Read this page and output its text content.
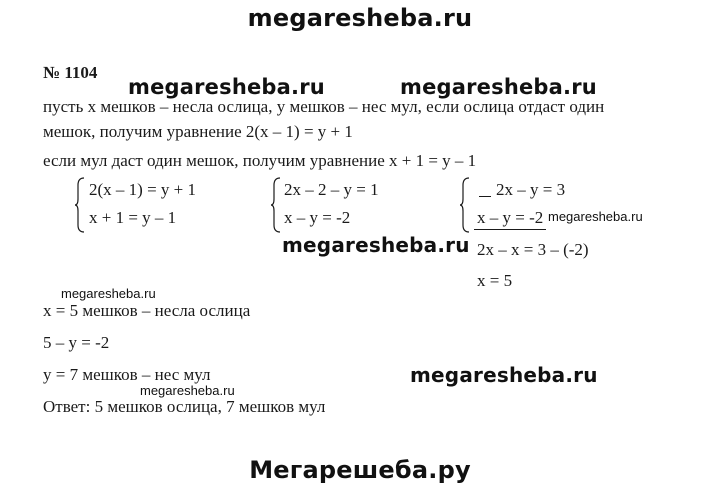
megaresheba.ru
№ 1104
megaresheba.ru	megaresheba.ru
пусть x мешков – несла ослица, y мешков – нес мул, если ослица отдаст один
мешок, получим уравнение 2(x – 1) = y + 1
если мул даст один мешок, получим уравнение x + 1 = y – 1
2(x – 1) = y + 1
x + 1 = y – 1
2x – 2 – y = 1
x – y = -2
2x – y = 3
x – y = -2 megaresheba.ru
megaresheba.ru 2x – x = 3 – (-2)
x = 5
megaresheba.ru
x = 5 мешков – несла ослица
5 – y = -2
y = 7 мешков – нес мул	megaresheba.ru
megaresheba.ru
Ответ: 5 мешков ослица, 7 мешков мул
Мегарешеба.ру
